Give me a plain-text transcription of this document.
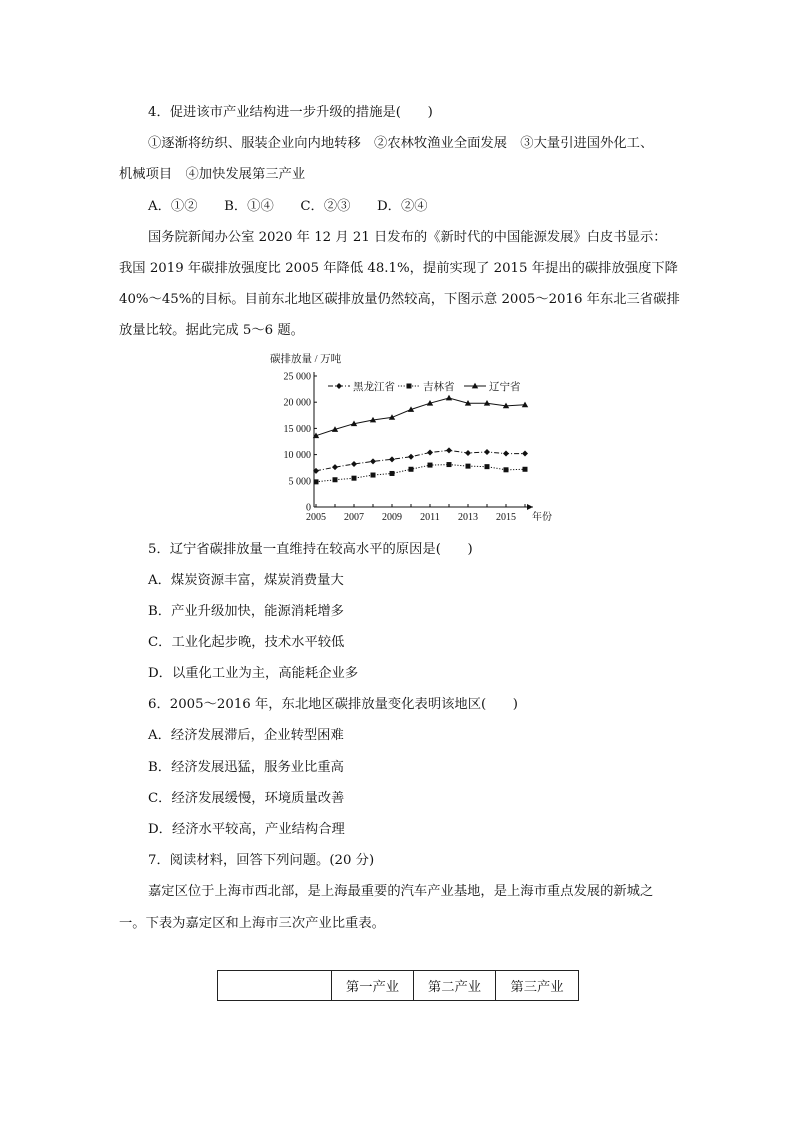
4．促进该市产业结构进一步升级的措施是(　　)
①逐渐将纺织、服装企业向内地转移　②农林牧渔业全面发展　③大量引进国外化工、
机械项目　④加快发展第三产业
A．①②　　B．①④　　C．②③　　D．②④
国务院新闻办公室 2020 年 12 月 21 日发布的《新时代的中国能源发展》白皮书显示：
我国 2019 年碳排放强度比 2005 年降低 48.1%，提前实现了 2015 年提出的碳排放强度下降
40%～45%的目标。目前东北地区碳排放量仍然较高，下图示意 2005～2016 年东北三省碳排
放量比较。据此完成 5～6 题。
碳排放量 / 万吨
25 000
20 000
15 000
10 000
5 000
0
2005 2007 2009 2011 2013 2015 年份
黑龙江省	吉林省	辽宁省
5．辽宁省碳排放量一直维持在较高水平的原因是(　　)
A．煤炭资源丰富，煤炭消费量大
B．产业升级加快，能源消耗增多
C．工业化起步晚，技术水平较低
D．以重化工业为主，高能耗企业多
6．2005～2016 年，东北地区碳排放量变化表明该地区(　　)
A．经济发展滞后，企业转型困难
B．经济发展迅猛，服务业比重高
C．经济发展缓慢，环境质量改善
D．经济水平较高，产业结构合理
7．阅读材料，回答下列问题。(20 分)
嘉定区位于上海市西北部，是上海最重要的汽车产业基地，是上海市重点发展的新城之
一。下表为嘉定区和上海市三次产业比重表。
	第一产业	第二产业	第三产业
